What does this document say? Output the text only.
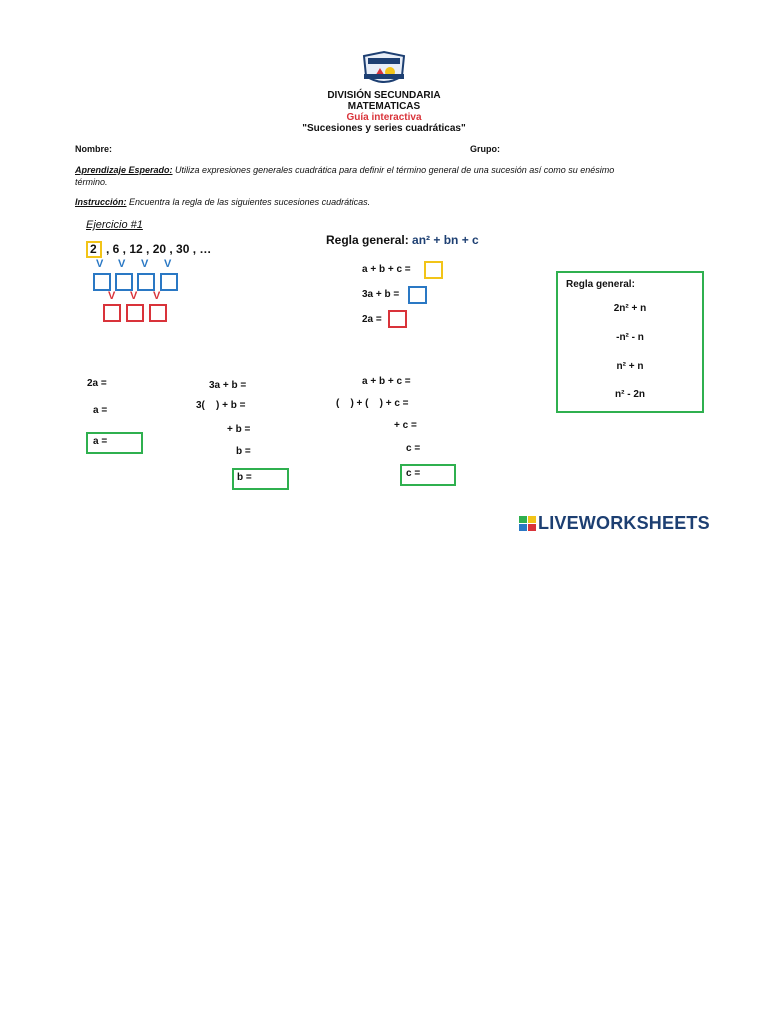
DIVISIÓN SECUNDARIA
MATEMATICAS
Guía interactiva
"Sucesiones y series cuadráticas"
Nombre:	Grupo:
Aprendizaje Esperado: Utiliza expresiones generales cuadrática para definir el término general de una sucesión así como su enésimo
término.
Instrucción: Encuentra la regla de las siguientes sucesiones cuadráticas.
Ejercicio #1
2 , 6 , 12 , 20 , 30 , …
V V V V
V V V
Regla general: an² + bn + c
a + b + c =
3a + b =
2a =
Regla general:
2n² + n
-n² - n
n² + n
n² - 2n
2a =
a =
a =
3a + b =
3(    ) + b =
+ b =
b =
b =
a + b + c =
(    ) + (    ) + c =
+ c =
c =
c =
LIVEWORKSHEETS
